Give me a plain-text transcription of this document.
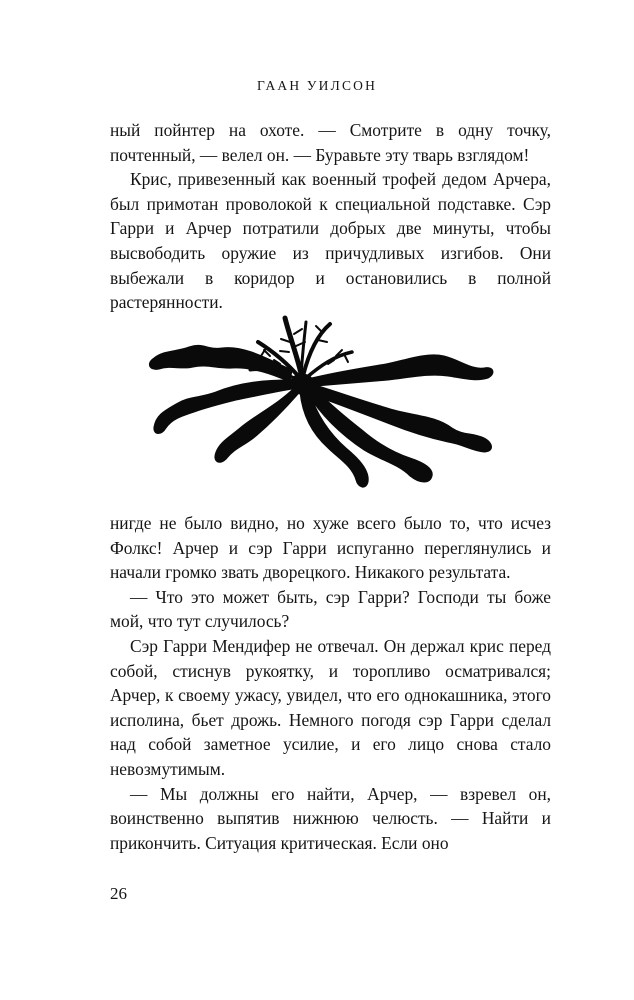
ГААН УИЛСОН

ный пойнтер на охоте. — Смотрите в одну точку, почтенный, — велел он. — Буравьте эту тварь взглядом!

Крис, привезенный как военный трофей дедом Арчера, был примотан проволокой к специальной подставке. Сэр Гарри и Арчер потратили добрых две минуты, чтобы высвободить оружие из причудливых изгибов. Они выбежали в коридор и остановились в полной растерянности.

нигде не было видно, но хуже всего было то, что исчез Фолкс! Арчер и сэр Гарри испуганно переглянулись и начали громко звать дворецкого. Никакого результата.

— Что это может быть, сэр Гарри? Господи ты боже мой, что тут случилось?

Сэр Гарри Мендифер не отвечал. Он держал крис перед собой, стиснув рукоятку, и торопливо осматривался; Арчер, к своему ужасу, увидел, что его однокашника, этого исполина, бьет дрожь. Немного погодя сэр Гарри сделал над собой заметное усилие, и его лицо снова стало невозмутимым.

— Мы должны его найти, Арчер, — взревел он, воинственно выпятив нижнюю челюсть. — Найти и прикончить. Ситуация критическая. Если оно

26
